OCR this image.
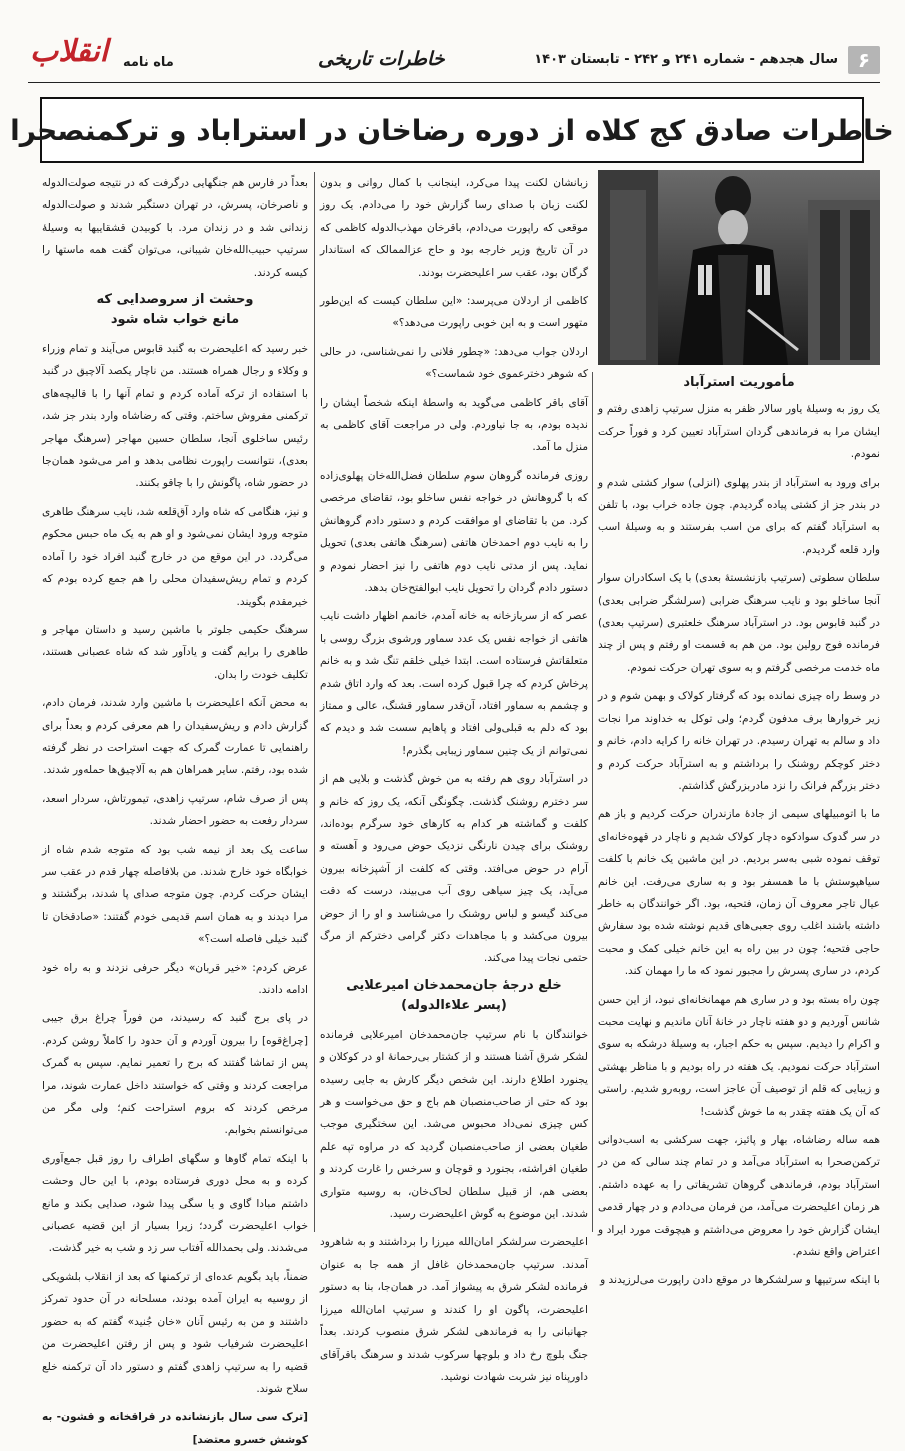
۶
سال هجدهم - شماره ۲۴۱ و ۲۴۲ - تابستان ۱۴۰۳
خاطرات تاریخی
ماه نامه
انقلاب
خاطرات صادق کج کلاه از دوره رضاخان در استراباد و ترکمنصحرا
مأموریت استرآباد

یک روز به وسیلهٔ یاور سالار ظفر به منزل سرتیپ زاهدی رفتم و ایشان مرا به فرماندهی گردان استرآباد تعیین کرد و فوراً حرکت نمودم.

برای ورود به استرآباد از بندر پهلوی (انزلی) سوار کشتی شدم و در بندر جز از کشتی پیاده گردیدم. چون جاده خراب بود، با تلفن به استرآباد گفتم که برای من اسب بفرستند و به وسیلهٔ اسب وارد قلعه گردیدم.

سلطان سطوتی (سرتیپ بازنشستهٔ بعدی) با یک اسکادران سوار آنجا ساخلو بود و نایب سرهنگ ضرابی (سرلشگر ضرابی بعدی) در گنبد قابوس بود. در استرآباد سرهنگ خلعتبری (سرتیپ بعدی) فرمانده فوج رولین بود. من هم به قسمت او رفتم و پس از چند ماه خدمت مرخصی گرفتم و به سوی تهران حرکت نمودم.

در وسط راه چیزی نمانده بود که گرفتار کولاک و بهمن شوم و در زیر خروارها برف مدفون گردم؛ ولی توکل به خداوند مرا نجات داد و سالم به تهران رسیدم. در تهران خانه را کرایه دادم، خانم و دختر کوچکم روشنک را برداشتم و به استرآباد حرکت کردم و دختر بزرگم فرانک را نزد مادربزرگش گذاشتم.

ما با اتومبیلهای سیمی از جادهٔ مازندران حرکت کردیم و باز هم در سر گدوک سوادکوه دچار کولاک شدیم و ناچار در قهوه‌خانه‌ای توقف نموده شبی به‌سر بردیم. در این ماشین یک خانم با کلفت سیاهپوستش با ما همسفر بود و به ساری می‌رفت. این خانم عیال تاجر معروف آن زمان، فتحیه، بود. اگر خوانندگان به خاطر داشته باشند اغلب روی جعبی‌های قدیم نوشته شده بود سفارش حاجی فتحیه؛ چون در بین راه به این خانم خیلی کمک و محبت کردم، در ساری پسرش را مجبور نمود که ما را مهمان کند.

چون راه بسته بود و در ساری هم مهمانخانه‌ای نبود، از این حسن شانس آوردیم و دو هفته ناچار در خانهٔ آنان ماندیم و نهایت محبت و اکرام را دیدیم. سپس به حکم اجبار، به وسیلهٔ درشکه به سوی استرآباد حرکت نمودیم. یک هفته در راه بودیم و با مناظر بهشتی و زیبایی که قلم از توصیف آن عاجز است، روبه‌رو شدیم. راستی که آن یک هفته چقدر به ما خوش گذشت!

همه ساله رضاشاه، بهار و پائیز، جهت سرکشی به اسب‌دوانی ترکمن‌صحرا به استرآباد می‌آمد و در تمام چند سالی که من در استرآباد بودم، فرماندهی گروهان تشریفاتی را به عهده داشتم. هر زمان اعلیحضرت می‌آمد، من فرمان می‌دادم و در چهار قدمی ایشان گزارش خود را معروض می‌داشتم و هیچوقت مورد ایراد و اعتراض واقع نشدم.

با اینکه سرتیپها و سرلشکرها در موقع دادن راپورت می‌لرزیدند و

زبانشان لکنت پیدا می‌کرد، اینجانب با کمال روانی و بدون لکنت زبان با صدای رسا گزارش خود را می‌دادم. یک روز موقعی که راپورت می‌دادم، باقرخان مهذب‌الدوله کاظمی که در آن تاریخ وزیر خارجه بود و حاج عزالممالک که استاندار گرگان بود، عقب سر اعلیحضرت بودند.

کاظمی از اردلان می‌پرسد: «این سلطان کیست که این‌طور متهور است و به این خوبی راپورت می‌دهد؟»

اردلان جواب می‌دهد: «چطور فلانی را نمی‌شناسی، در حالی که شوهر دخترعموی خود شماست؟»

آقای باقر کاظمی می‌گوید به واسطهٔ اینکه شخصاً ایشان را ندیده بودم، به جا نیاوردم. ولی در مراجعت آقای کاظمی به منزل ما آمد.

روزی فرمانده گروهان سوم سلطان فضل‌الله‌خان پهلوی‌زاده که با گروهانش در خواجه نفس ساخلو بود، تقاضای مرخصی کرد. من با تقاضای او موافقت کردم و دستور دادم گروهانش را به نایب دوم احمدخان هاتفی (سرهنگ هاتفی بعدی) تحویل نماید. پس از مدتی نایب دوم هاتفی را نیز احضار نمودم و دستور دادم گردان را تحویل نایب ابوالفتح‌خان بدهد.

عصر که از سربازخانه به خانه آمدم، خانمم اظهار داشت نایب هاتفی از خواجه نفس یک عدد سماور ورشوی بزرگ روسی با متعلقاتش فرستاده است. ابتدا خیلی خلقم تنگ شد و به خانم پرخاش کردم که چرا قبول کرده است. بعد که وارد اتاق شدم و چشمم به سماور افتاد، آن‌قدر سماور قشنگ، عالی و ممتاز بود که دلم به قبلی‌ولی افتاد و پاهایم سست شد و دیدم که نمی‌توانم از یک چنین سماور زیبایی بگذرم!

در استرآباد روی هم رفته به من خوش گذشت و بلایی هم از سر دخترم روشنک گذشت. چگونگی آنکه، یک روز که خانم و کلفت و گماشته هر کدام به کارهای خود سرگرم بوده‌اند، روشنک برای چیدن نارنگی نزدیک حوض می‌رود و آهسته و آرام در حوض می‌افتد. وقتی که کلفت از آشپزخانه بیرون می‌آید، یک چیز سیاهی روی آب می‌بیند، درست که دقت می‌کند گیسو و لباس روشنک را می‌شناسد و او را از حوض بیرون می‌کشد و با مجاهدات دکتر گرامی دخترکم از مرگ حتمی نجات پیدا می‌کند.

خلع درجهٔ جان‌محمدخان امیرعلایی
(پسر علاءالدوله)

خوانندگان با نام سرتیپ جان‌محمدخان امیرعلایی فرمانده لشکر شرق آشنا هستند و از کشتار بی‌رحمانهٔ او در کوکلان و یجنورد اطلاع دارند. این شخص دیگر کارش به جایی رسیده بود که حتی از صاحب‌منصبان هم باج و حق می‌خواست و هر کس چیزی نمی‌داد محبوس می‌شد. این سختگیری موجب طغیان بعضی از صاحب‌منصبان گردید که در مراوه تپه علم طغیان افراشته، بجنورد و قوچان و سرخس را غارت کردند و بعضی هم، از قبیل سلطان لحاک‌خان، به روسیه متواری شدند. این موضوع به گوش اعلیحضرت رسید.

اعلیحضرت سرلشکر امان‌الله میرزا را برداشتند و به شاهرود آمدند. سرتیپ جان‌محمدخان غافل از همه جا به عنوان فرمانده لشکر شرق به پیشواز آمد. در همان‌جا، بنا به دستور اعلیحضرت، پاگون او را کندند و سرتیپ امان‌الله میرزا جهانبانی را به فرماندهی لشکر شرق منصوب کردند. بعداً جنگ بلوچ رخ داد و بلوچها سرکوب شدند و سرهنگ باقرآقای داورپناه نیز شربت شهادت نوشید.

بعداً در فارس هم جنگهایی درگرفت که در نتیجه صولت‌الدوله و ناصرخان، پسرش، در تهران دستگیر شدند و صولت‌الدوله زندانی شد و در زندان مرد. با کوبیدن قشقاییها به وسیلهٔ سرتیپ حبیب‌الله‌خان شیبانی، می‌توان گفت همه ماستها را کیسه کردند.

وحشت از سروصدایی که
مانع خواب شاه شود

خبر رسید که اعلیحضرت به گنبد قابوس می‌آیند و تمام وزراء و وکلاء و رجال همراه هستند. من ناچار یکصد آلاچیق در گنبد با استفاده از ترکه آماده کردم و تمام آنها را با قالیچه‌های ترکمنی مفروش ساختم. وقتی که رضاشاه وارد بندر جز شد، رئیس ساخلوی آنجا، سلطان حسین مهاجر (سرهنگ مهاجر بعدی)، نتوانست راپورت نظامی بدهد و امر می‌شود همان‌جا در حضور شاه، پاگونش را با چاقو بکنند.

و نیز، هنگامی که شاه وارد آق‌قلعه شد، نایب سرهنگ طاهری متوجه ورود ایشان نمی‌شود و او هم به یک ماه حبس محکوم می‌گردد. در این موقع من در خارج گنبد افراد خود را آماده کردم و تمام ریش‌سفیدان محلی را هم جمع کرده بودم که خیرمقدم بگویند.

سرهنگ حکیمی جلوتر با ماشین رسید و داستان مهاجر و طاهری را برایم گفت و یادآور شد که شاه عصبانی هستند، تکلیف خودت را بدان.

به محض آنکه اعلیحضرت با ماشین وارد شدند، فرمان دادم، گزارش دادم و ریش‌سفیدان را هم معرفی کردم و بعداً برای راهنمایی تا عمارت گمرک که جهت استراحت در نظر گرفته شده بود، رفتم. سایر همراهان هم به آلاچیق‌ها حمله‌ور شدند.

پس از صرف شام، سرتیپ زاهدی، تیمورتاش، سردار اسعد، سردار رفعت به حضور احضار شدند.

ساعت یک بعد از نیمه شب بود که متوجه شدم شاه از خوابگاه خود خارج شدند. من بلافاصله چهار قدم در عقب سر ایشان حرکت کردم. چون متوجه صدای پا شدند، برگشتند و مرا دیدند و به همان اسم قدیمی خودم گفتند: «صادقخان تا گنبد خیلی فاصله است؟»

عرض کردم: «خیر قربان» دیگر حرفی نزدند و به راه خود ادامه دادند.

در پای برج گنبد که رسیدند، من فوراً چراغ برق جیبی [چراغ‌قوه] را بیرون آوردم و آن حدود را کاملاً روشن کردم. پس از تماشا گفتند که برج را تعمیر نمایم. سپس به گمرک مراجعت کردند و وقتی که خواستند داخل عمارت شوند، مرا مرخص کردند که بروم استراحت کنم؛ ولی مگر من می‌توانستم بخوابم.

با اینکه تمام گاوها و سگهای اطراف را روز قبل جمع‌آوری کرده و به محل دوری فرستاده بودم، با این حال وحشت داشتم مبادا گاوی و یا سگی پیدا شود، صدایی بکند و مانع خواب اعلیحضرت گردد؛ زیرا بسیار از این قضیه عصبانی می‌شدند. ولی بحمدالله آفتاب سر زد و شب به خیر گذشت.

ضمناً، باید بگویم عده‌ای از ترکمنها که بعد از انقلاب بلشویکی از روسیه به ایران آمده بودند، مسلحانه در آن حدود تمرکز داشتند و من به رئیس آنان «خان جُنید» گفتم که به حضور اعلیحضرت شرفیاب شود و پس از رفتن اعلیحضرت من قضیه را به سرتیپ زاهدی گفتم و دستور داد آن ترکمنه خلع سلاح شوند.

[ترک سی سال بازنشانده در قراقخانه و قشون- به کوشش خسرو معتضد]
